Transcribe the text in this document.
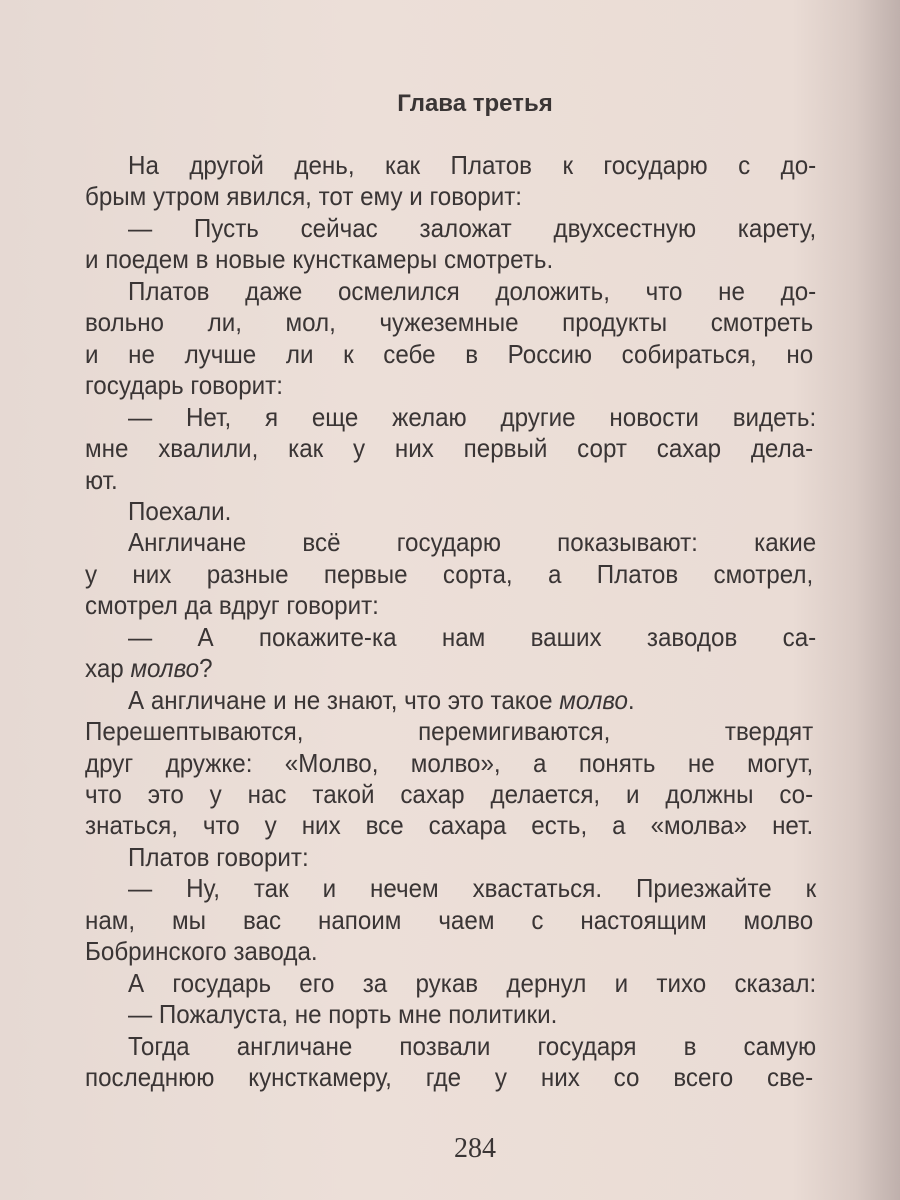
Глава третья
На другой день, как Платов к государю с до-
брым утром явился, тот ему и говорит:
— Пусть сейчас заложат двухсестную карету,
и поедем в новые кунсткамеры смотреть.
Платов даже осмелился доложить, что не до-
вольно ли, мол, чужеземные продукты смотреть
и не лучше ли к себе в Россию собираться, но
государь говорит:
— Нет, я еще желаю другие новости видеть:
мне хвалили, как у них первый сорт сахар дела-
ют.
Поехали.
Англичане всё государю показывают: какие
у них разные первые сорта, а Платов смотрел,
смотрел да вдруг говорит:
— А покажите-ка нам ваших заводов са-
хар молво?
А англичане и не знают, что это такое молво.
Перешептываются, перемигиваются, твердят
друг дружке: «Молво, молво», а понять не могут,
что это у нас такой сахар делается, и должны со-
знаться, что у них все сахара есть, а «молва» нет.
Платов говорит:
— Ну, так и нечем хвастаться. Приезжайте к
нам, мы вас напоим чаем с настоящим молво
Бобринского завода.
А государь его за рукав дернул и тихо сказал:
— Пожалуста, не порть мне политики.
Тогда англичане позвали государя в самую
последнюю кунсткамеру, где у них со всего све-
284
